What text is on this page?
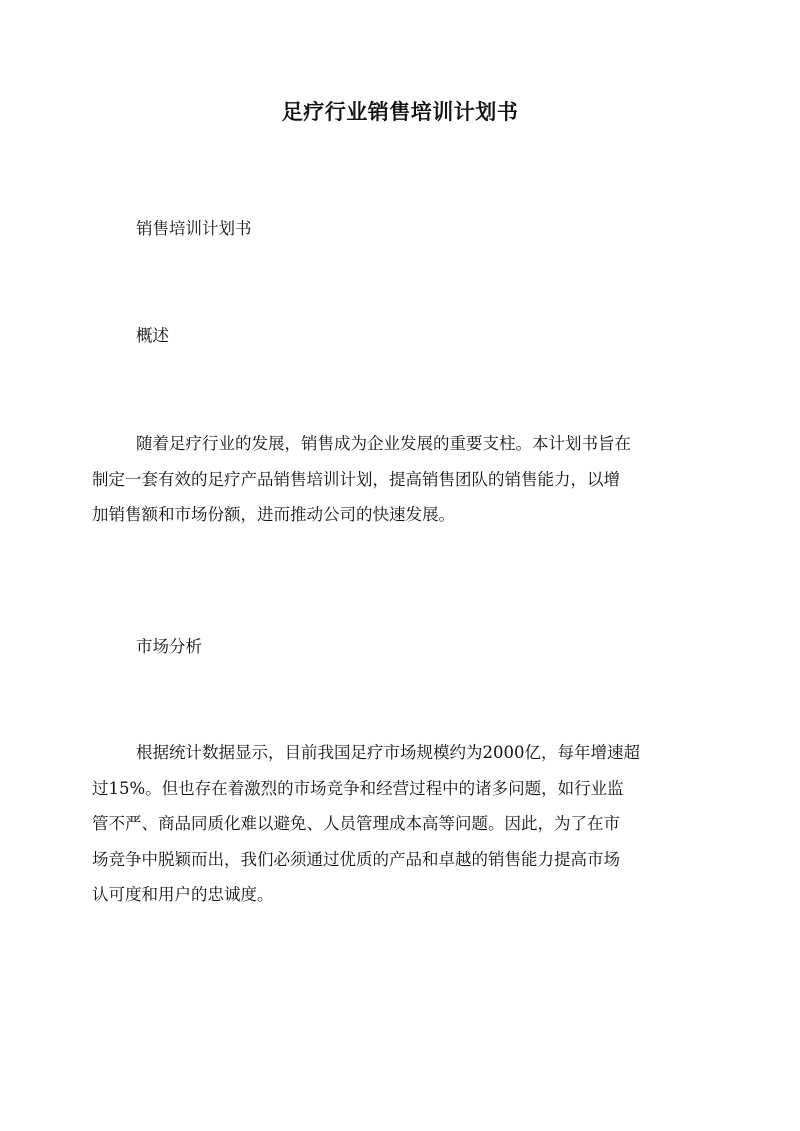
足疗行业销售培训计划书
销售培训计划书
概述
随着足疗行业的发展，销售成为企业发展的重要支柱。本计划书旨在
制定一套有效的足疗产品销售培训计划，提高销售团队的销售能力，以增
加销售额和市场份额，进而推动公司的快速发展。
市场分析
根据统计数据显示，目前我国足疗市场规模约为2000亿，每年增速超
过15%。但也存在着激烈的市场竞争和经营过程中的诸多问题，如行业监
管不严、商品同质化难以避免、人员管理成本高等问题。因此，为了在市
场竞争中脱颖而出，我们必须通过优质的产品和卓越的销售能力提高市场
认可度和用户的忠诚度。
